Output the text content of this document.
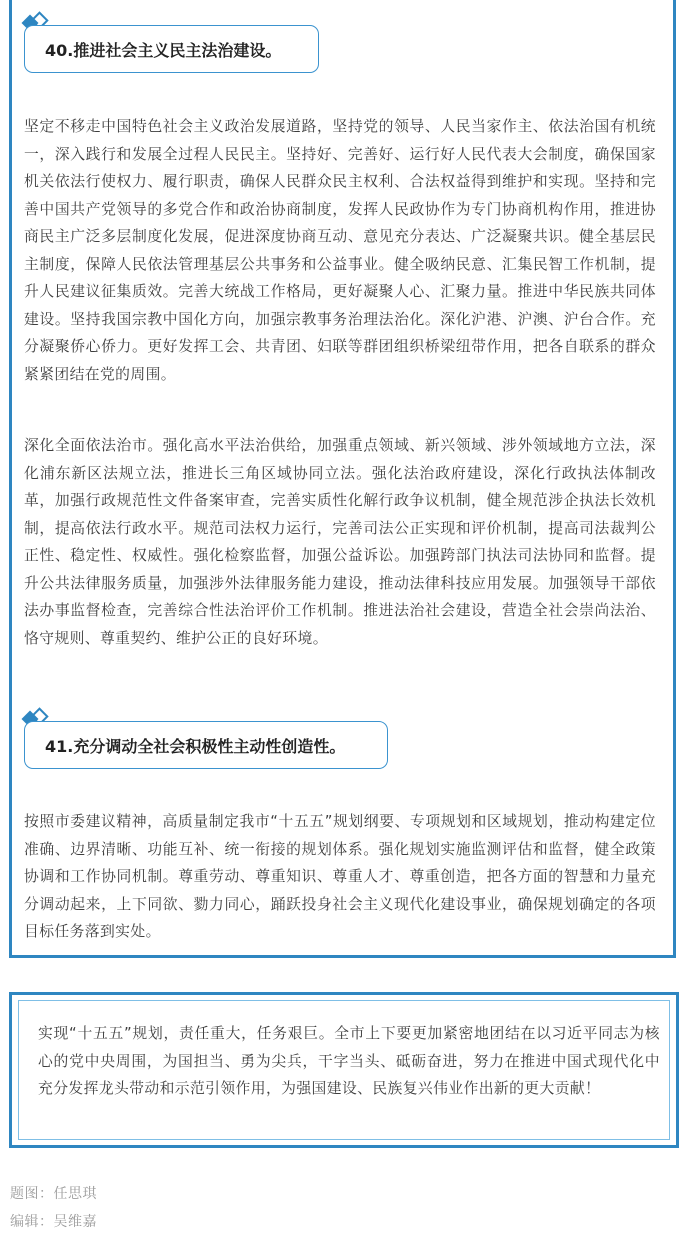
40.推进社会主义民主法治建设。

坚定不移走中国特色社会主义政治发展道路，坚持党的领导、人民当家作主、依法治国有机统一，深入践行和发展全过程人民民主。坚持好、完善好、运行好人民代表大会制度，确保国家机关依法行使权力、履行职责，确保人民群众民主权利、合法权益得到维护和实现。坚持和完善中国共产党领导的多党合作和政治协商制度，发挥人民政协作为专门协商机构作用，推进协商民主广泛多层制度化发展，促进深度协商互动、意见充分表达、广泛凝聚共识。健全基层民主制度，保障人民依法管理基层公共事务和公益事业。健全吸纳民意、汇集民智工作机制，提升人民建议征集质效。完善大统战工作格局，更好凝聚人心、汇聚力量。推进中华民族共同体建设。坚持我国宗教中国化方向，加强宗教事务治理法治化。深化沪港、沪澳、沪台合作。充分凝聚侨心侨力。更好发挥工会、共青团、妇联等群团组织桥梁纽带作用，把各自联系的群众紧紧团结在党的周围。

深化全面依法治市。强化高水平法治供给，加强重点领域、新兴领域、涉外领域地方立法，深化浦东新区法规立法，推进长三角区域协同立法。强化法治政府建设，深化行政执法体制改革，加强行政规范性文件备案审查，完善实质性化解行政争议机制，健全规范涉企执法长效机制，提高依法行政水平。规范司法权力运行，完善司法公正实现和评价机制，提高司法裁判公正性、稳定性、权威性。强化检察监督，加强公益诉讼。加强跨部门执法司法协同和监督。提升公共法律服务质量，加强涉外法律服务能力建设，推动法律科技应用发展。加强领导干部依法办事监督检查，完善综合性法治评价工作机制。推进法治社会建设，营造全社会崇尚法治、恪守规则、尊重契约、维护公正的良好环境。

41.充分调动全社会积极性主动性创造性。

按照市委建议精神，高质量制定我市“十五五”规划纲要、专项规划和区域规划，推动构建定位准确、边界清晰、功能互补、统一衔接的规划体系。强化规划实施监测评估和监督，健全政策协调和工作协同机制。尊重劳动、尊重知识、尊重人才、尊重创造，把各方面的智慧和力量充分调动起来，上下同欲、勠力同心，踊跃投身社会主义现代化建设事业，确保规划确定的各项目标任务落到实处。

实现“十五五”规划，责任重大，任务艰巨。全市上下要更加紧密地团结在以习近平同志为核心的党中央周围，为国担当、勇为尖兵，干字当头、砥砺奋进，努力在推进中国式现代化中充分发挥龙头带动和示范引领作用，为强国建设、民族复兴伟业作出新的更大贡献！

题图：任思琪
编辑：吴维嘉
